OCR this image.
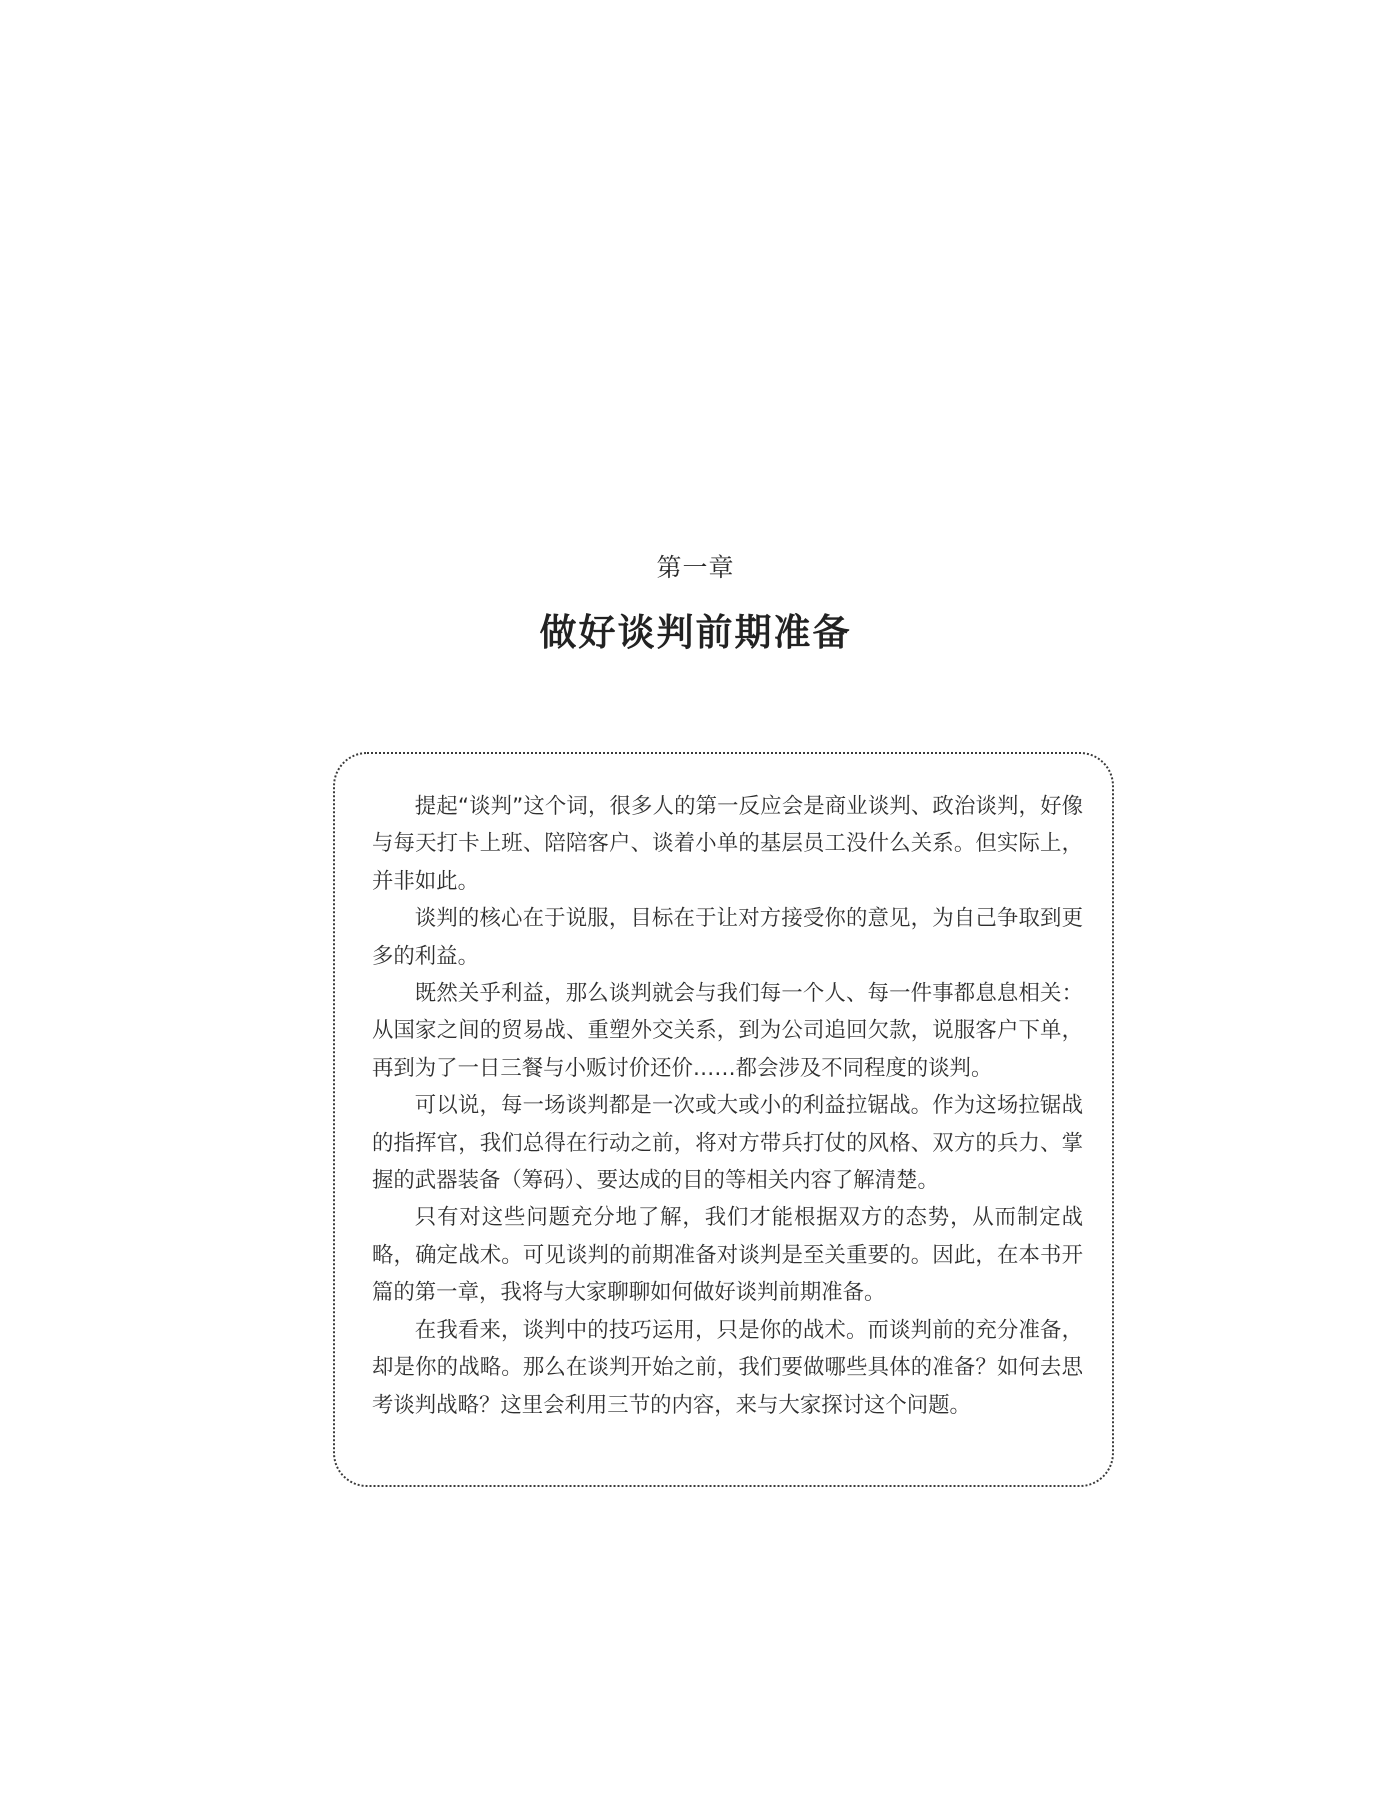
第一章
做好谈判前期准备

提起“谈判”这个词，很多人的第一反应会是商业谈判、政治谈判，好像与每天打卡上班、陪陪客户、谈着小单的基层员工没什么关系。但实际上，并非如此。

谈判的核心在于说服，目标在于让对方接受你的意见，为自己争取到更多的利益。

既然关乎利益，那么谈判就会与我们每一个人、每一件事都息息相关：从国家之间的贸易战、重塑外交关系，到为公司追回欠款，说服客户下单，再到为了一日三餐与小贩讨价还价……都会涉及不同程度的谈判。

可以说，每一场谈判都是一次或大或小的利益拉锯战。作为这场拉锯战的指挥官，我们总得在行动之前，将对方带兵打仗的风格、双方的兵力、掌握的武器装备（筹码）、要达成的目的等相关内容了解清楚。

只有对这些问题充分地了解，我们才能根据双方的态势，从而制定战略，确定战术。可见谈判的前期准备对谈判是至关重要的。因此，在本书开篇的第一章，我将与大家聊聊如何做好谈判前期准备。

在我看来，谈判中的技巧运用，只是你的战术。而谈判前的充分准备，却是你的战略。那么在谈判开始之前，我们要做哪些具体的准备？如何去思考谈判战略？这里会利用三节的内容，来与大家探讨这个问题。
